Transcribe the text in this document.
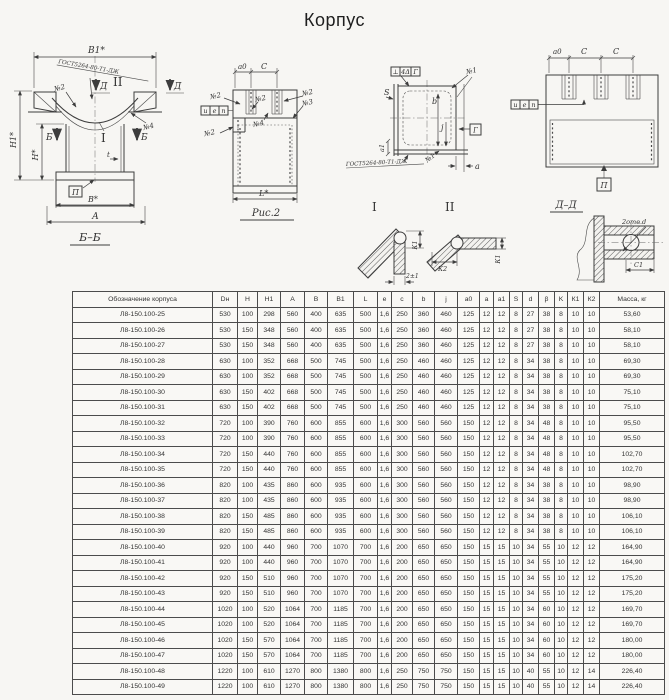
Корпус
П
Б	Б
t
В1*
ГОСТ5264-80-Т1-ДЖ
Д	Д
II
I
№2
№4
Н1*
Н*
В*
А
Б–Б
а0 С
№2
и е п
№2
№2
№3
№4
№2
L*
Рис.2
⊥ 4Δ Г
S
b
j
а1
а
Г
№1
№1
ГОСТ5264-80-Т1-ДЖ
а0 С	С
и е п
П
I
К1
2±1
II
К2
К1
Д–Д
2отв.d
С1
Обозначение корпуса	Dн	H	H1	A	B	B1	L	e	c	b	j	а0	a	а1	S	d	β	K	К1	К2	Масса, кг
Л8-150.100-25	530	100	298	560	400	635	500	1,6	250	360	460	125	12	12	8	27	38	8	10	10	53,60
Л8-150.100-26	530	150	348	560	400	635	500	1,6	250	360	460	125	12	12	8	27	38	8	10	10	58,10
Л8-150.100-27	530	150	348	560	400	635	500	1,6	250	360	460	125	12	12	8	27	38	8	10	10	58,10
Л8-150.100-28	630	100	352	668	500	745	500	1,6	250	460	460	125	12	12	8	34	38	8	10	10	69,30
Л8-150.100-29	630	100	352	668	500	745	500	1,6	250	460	460	125	12	12	8	34	38	8	10	10	69,30
Л8-150.100-30	630	150	402	668	500	745	500	1,6	250	460	460	125	12	12	8	34	38	8	10	10	75,10
Л8-150.100-31	630	150	402	668	500	745	500	1,6	250	460	460	125	12	12	8	34	38	8	10	10	75,10
Л8-150.100-32	720	100	390	760	600	855	600	1,6	300	560	560	150	12	12	8	34	48	8	10	10	95,50
Л8-150.100-33	720	100	390	760	600	855	600	1,6	300	560	560	150	12	12	8	34	48	8	10	10	95,50
Л8-150.100-34	720	150	440	760	600	855	600	1,6	300	560	560	150	12	12	8	34	48	8	10	10	102,70
Л8-150.100-35	720	150	440	760	600	855	600	1,6	300	560	560	150	12	12	8	34	48	8	10	10	102,70
Л8-150.100-36	820	100	435	860	600	935	600	1,6	300	560	560	150	12	12	8	34	38	8	10	10	98,90
Л8-150.100-37	820	100	435	860	600	935	600	1,6	300	560	560	150	12	12	8	34	38	8	10	10	98,90
Л8-150.100-38	820	150	485	860	600	935	600	1,6	300	560	560	150	12	12	8	34	38	8	10	10	106,10
Л8-150.100-39	820	150	485	860	600	935	600	1,6	300	560	560	150	12	12	8	34	38	8	10	10	106,10
Л8-150.100-40	920	100	440	960	700	1070	700	1,6	200	650	650	150	15	15	10	34	55	10	12	12	164,90
Л8-150.100-41	920	100	440	960	700	1070	700	1,6	200	650	650	150	15	15	10	34	55	10	12	12	164,90
Л8-150.100-42	920	150	510	960	700	1070	700	1,6	200	650	650	150	15	15	10	34	55	10	12	12	175,20
Л8-150.100-43	920	150	510	960	700	1070	700	1,6	200	650	650	150	15	15	10	34	55	10	12	12	175,20
Л8-150.100-44	1020	100	520	1064	700	1185	700	1,6	200	650	650	150	15	15	10	34	60	10	12	12	169,70
Л8-150.100-45	1020	100	520	1064	700	1185	700	1,6	200	650	650	150	15	15	10	34	60	10	12	12	169,70
Л8-150.100-46	1020	150	570	1064	700	1185	700	1,6	200	650	650	150	15	15	10	34	60	10	12	12	180,00
Л8-150.100-47	1020	150	570	1064	700	1185	700	1,6	200	650	650	150	15	15	10	34	60	10	12	12	180,00
Л8-150.100-48	1220	100	610	1270	800	1380	800	1,6	250	750	750	150	15	15	10	40	55	10	12	14	226,40
Л8-150.100-49	1220	100	610	1270	800	1380	800	1,6	250	750	750	150	15	15	10	40	55	10	12	14	226,40
